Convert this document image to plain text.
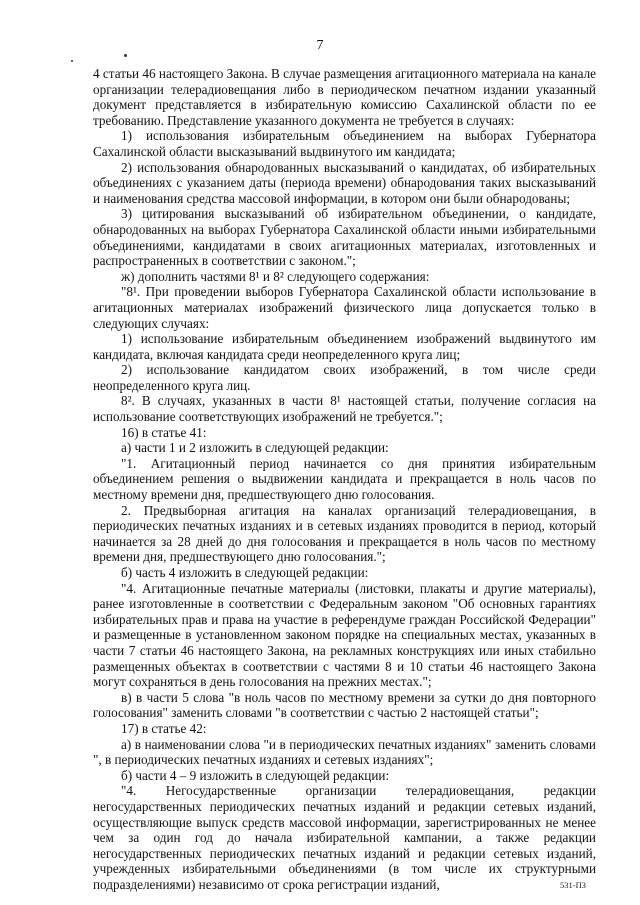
7

4 статьи 46 настоящего Закона. В случае размещения агитационного материала на канале организации телерадиовещания либо в периодическом печатном издании указанный документ представляется в избирательную комиссию Сахалинской области по ее требованию. Представление указанного документа не требуется в случаях:

1) использования избирательным объединением на выборах Губернатора Сахалинской области высказываний выдвинутого им кандидата;

2) использования обнародованных высказываний о кандидатах, об избирательных объединениях с указанием даты (периода времени) обнародования таких высказываний и наименования средства массовой информации, в котором они были обнародованы;

3) цитирования высказываний об избирательном объединении, о кандидате, обнародованных на выборах Губернатора Сахалинской области иными избирательными объединениями, кандидатами в своих агитационных материалах, изготовленных и распространенных в соответствии с законом.";

ж) дополнить частями 8¹ и 8² следующего содержания:

"8¹. При проведении выборов Губернатора Сахалинской области использование в агитационных материалах изображений физического лица допускается только в следующих случаях:

1) использование избирательным объединением изображений выдвинутого им кандидата, включая кандидата среди неопределенного круга лиц;

2) использование кандидатом своих изображений, в том числе среди неопределенного круга лиц.

8². В случаях, указанных в части 8¹ настоящей статьи, получение согласия на использование соответствующих изображений не требуется.";

16) в статье 41:

а) части 1 и 2 изложить в следующей редакции:

"1. Агитационный период начинается со дня принятия избирательным объединением решения о выдвижении кандидата и прекращается в ноль часов по местному времени дня, предшествующего дню голосования.

2. Предвыборная агитация на каналах организаций телерадиовещания, в периодических печатных изданиях и в сетевых изданиях проводится в период, который начинается за 28 дней до дня голосования и прекращается в ноль часов по местному времени дня, предшествующего дню голосования.";

б) часть 4 изложить в следующей редакции:

"4. Агитационные печатные материалы (листовки, плакаты и другие материалы), ранее изготовленные в соответствии с Федеральным законом "Об основных гарантиях избирательных прав и права на участие в референдуме граждан Российской Федерации" и размещенные в установленном законом порядке на специальных местах, указанных в части 7 статьи 46 настоящего Закона, на рекламных конструкциях или иных стабильно размещенных объектах в соответствии с частями 8 и 10 статьи 46 настоящего Закона могут сохраняться в день голосования на прежних местах.";

в) в части 5 слова "в ноль часов по местному времени за сутки до дня повторного голосования" заменить словами "в соответствии с частью 2 настоящей статьи";

17) в статье 42:

а) в наименовании слова "и в периодических печатных изданиях" заменить словами ", в периодических печатных изданиях и сетевых изданиях";

б) части 4 – 9 изложить в следующей редакции:

"4. Негосударственные организации телерадиовещания, редакции негосударственных периодических печатных изданий и редакции сетевых изданий, осуществляющие выпуск средств массовой информации, зарегистрированных не менее чем за один год до начала избирательной кампании, а также редакции негосударственных периодических печатных изданий и редакции сетевых изданий, учрежденных избирательными объединениями (в том числе их структурными подразделениями) независимо от срока регистрации изданий,	531-ПЗ
